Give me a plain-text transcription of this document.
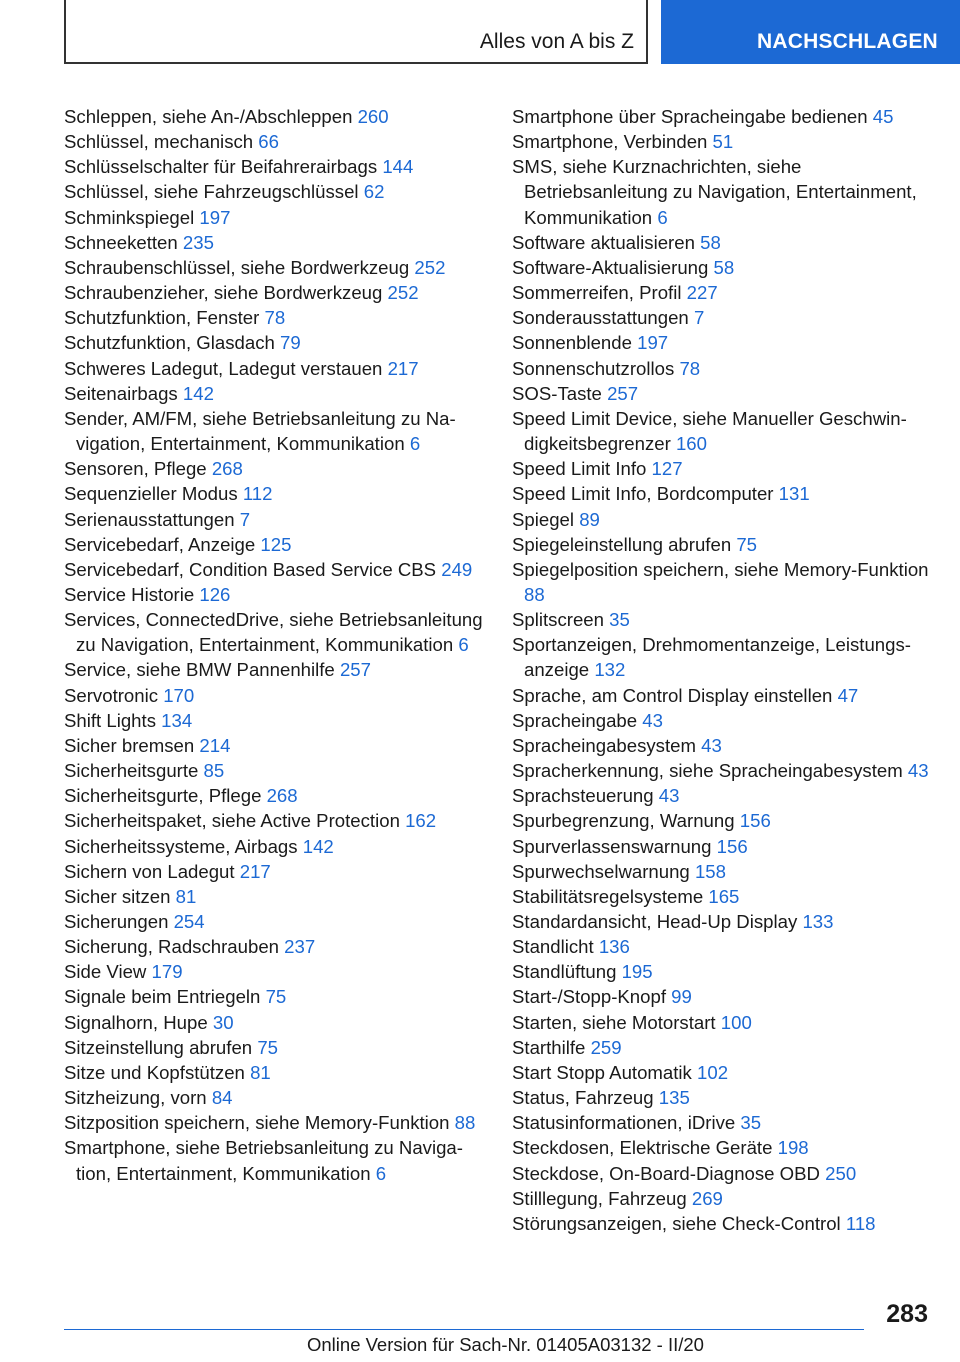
Alles von A bis Z	NACHSCHLAGEN

Schleppen, siehe An-/Abschleppen 260

Schlüssel, mechanisch 66

Schlüsselschalter für Beifahrerairbags 144

Schlüssel, siehe Fahrzeugschlüssel 62

Schminkspiegel 197

Schneeketten 235

Schraubenschlüssel, siehe Bordwerkzeug 252

Schraubenzieher, siehe Bordwerkzeug 252

Schutzfunktion, Fenster 78

Schutzfunktion, Glasdach 79

Schweres Ladegut, Ladegut verstauen 217

Seitenairbags 142

Sender, AM/FM, siehe Betriebsanleitung zu Navigation, Entertainment, Kommunikation 6

Sensoren, Pflege 268

Sequenzieller Modus 112

Serienausstattungen 7

Servicebedarf, Anzeige 125

Servicebedarf, Condition Based Service CBS 249

Service Historie 126

Services, ConnectedDrive, siehe Betriebsanleitung zu Navigation, Entertainment, Kommunikation 6

Service, siehe BMW Pannenhilfe 257

Servotronic 170

Shift Lights 134

Sicher bremsen 214

Sicherheitsgurte 85

Sicherheitsgurte, Pflege 268

Sicherheitspaket, siehe Active Protection 162

Sicherheitssysteme, Airbags 142

Sichern von Ladegut 217

Sicher sitzen 81

Sicherungen 254

Sicherung, Radschrauben 237

Side View 179

Signale beim Entriegeln 75

Signalhorn, Hupe 30

Sitzeinstellung abrufen 75

Sitze und Kopfstützen 81

Sitzheizung, vorn 84

Sitzposition speichern, siehe Memory-Funktion 88

Smartphone, siehe Betriebsanleitung zu Navigation, Entertainment, Kommunikation 6

Smartphone über Spracheingabe bedienen 45

Smartphone, Verbinden 51

SMS, siehe Kurznachrichten, siehe Betriebsanleitung zu Navigation, Entertainment, Kommunikation 6

Software aktualisieren 58

Software-Aktualisierung 58

Sommerreifen, Profil 227

Sonderausstattungen 7

Sonnenblende 197

Sonnenschutzrollos 78

SOS-Taste 257

Speed Limit Device, siehe Manueller Geschwindigkeitsbegrenzer 160

Speed Limit Info 127

Speed Limit Info, Bordcomputer 131

Spiegel 89

Spiegeleinstellung abrufen 75

Spiegelposition speichern, siehe Memory-Funktion 88

Splitscreen 35

Sportanzeigen, Drehmomentanzeige, Leistungsanzeige 132

Sprache, am Control Display einstellen 47

Spracheingabe 43

Spracheingabesystem 43

Spracherkennung, siehe Spracheingabesystem 43

Sprachsteuerung 43

Spurbegrenzung, Warnung 156

Spurverlassenswarnung 156

Spurwechselwarnung 158

Stabilitätsregelsysteme 165

Standardansicht, Head-Up Display 133

Standlicht 136

Standlüftung 195

Start-/Stopp-Knopf 99

Starten, siehe Motorstart 100

Starthilfe 259

Start Stopp Automatik 102

Status, Fahrzeug 135

Statusinformationen, iDrive 35

Steckdosen, Elektrische Geräte 198

Steckdose, On-Board-Diagnose OBD 250

Stilllegung, Fahrzeug 269

Störungsanzeigen, siehe Check-Control 118

283
Online Version für Sach-Nr. 01405A03132 - II/20
